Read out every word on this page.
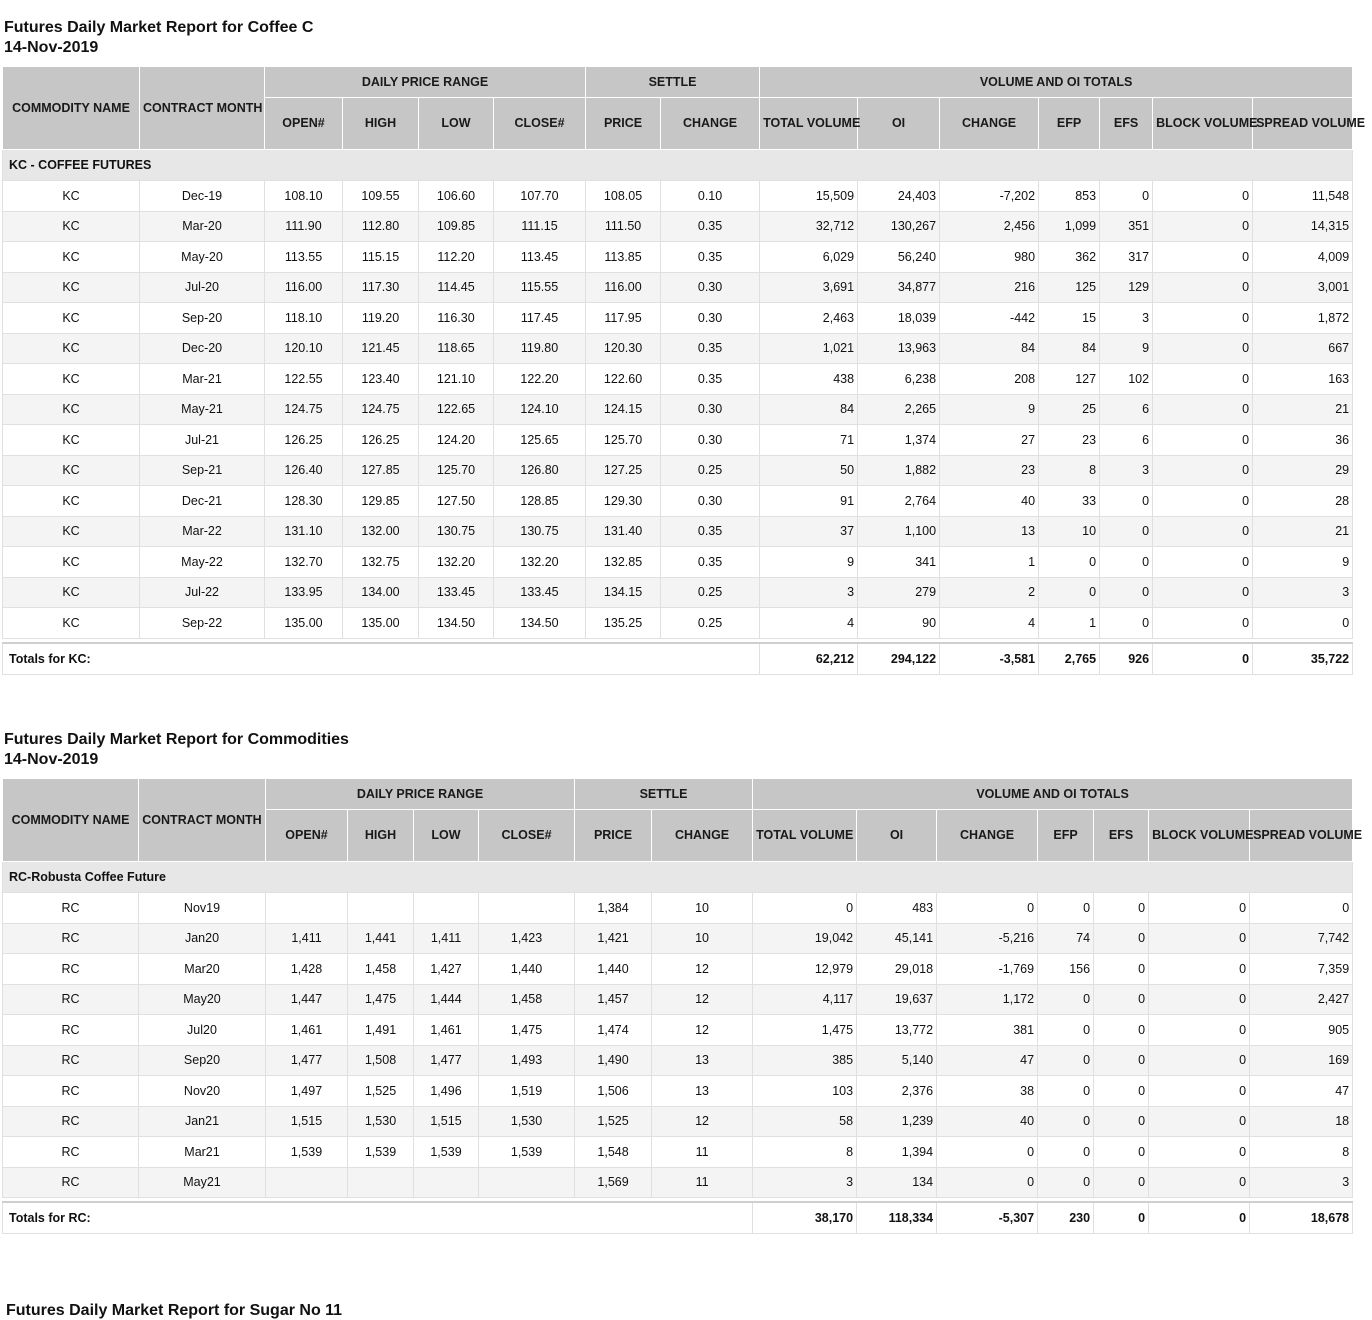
Futures Daily Market Report for Coffee C
14-Nov-2019
COMMODITY NAME	CONTRACT MONTH	DAILY PRICE RANGE				SETTLE		VOLUME AND OI TOTALS						
		OPEN#	HIGH	LOW	CLOSE#	PRICE	CHANGE	TOTAL VOLUME	OI	CHANGE	EFP	EFS	BLOCK VOLUME	SPREAD VOLUME
KC - COFFEE FUTURES														
KC	Dec-19	108.10	109.55	106.60	107.70	108.05	0.10	15,509	24,403	-7,202	853	0	0	11,548
KC	Mar-20	111.90	112.80	109.85	111.15	111.50	0.35	32,712	130,267	2,456	1,099	351	0	14,315
KC	May-20	113.55	115.15	112.20	113.45	113.85	0.35	6,029	56,240	980	362	317	0	4,009
KC	Jul-20	116.00	117.30	114.45	115.55	116.00	0.30	3,691	34,877	216	125	129	0	3,001
KC	Sep-20	118.10	119.20	116.30	117.45	117.95	0.30	2,463	18,039	-442	15	3	0	1,872
KC	Dec-20	120.10	121.45	118.65	119.80	120.30	0.35	1,021	13,963	84	84	9	0	667
KC	Mar-21	122.55	123.40	121.10	122.20	122.60	0.35	438	6,238	208	127	102	0	163
KC	May-21	124.75	124.75	122.65	124.10	124.15	0.30	84	2,265	9	25	6	0	21
KC	Jul-21	126.25	126.25	124.20	125.65	125.70	0.30	71	1,374	27	23	6	0	36
KC	Sep-21	126.40	127.85	125.70	126.80	127.25	0.25	50	1,882	23	8	3	0	29
KC	Dec-21	128.30	129.85	127.50	128.85	129.30	0.30	91	2,764	40	33	0	0	28
KC	Mar-22	131.10	132.00	130.75	130.75	131.40	0.35	37	1,100	13	10	0	0	21
KC	May-22	132.70	132.75	132.20	132.20	132.85	0.35	9	341	1	0	0	0	9
KC	Jul-22	133.95	134.00	133.45	133.45	134.15	0.25	3	279	2	0	0	0	3
KC	Sep-22	135.00	135.00	134.50	134.50	135.25	0.25	4	90	4	1	0	0	0

Totals for KC:								62,212	294,122	-3,581	2,765	926	0	35,722
Futures Daily Market Report for Commodities
14-Nov-2019
COMMODITY NAME	CONTRACT MONTH	DAILY PRICE RANGE				SETTLE		VOLUME AND OI TOTALS						
		OPEN#	HIGH	LOW	CLOSE#	PRICE	CHANGE	TOTAL VOLUME	OI	CHANGE	EFP	EFS	BLOCK VOLUME	SPREAD VOLUME
RC-Robusta Coffee Future														
RC	Nov19					1,384	10	0	483	0	0	0	0	0
RC	Jan20	1,411	1,441	1,411	1,423	1,421	10	19,042	45,141	-5,216	74	0	0	7,742
RC	Mar20	1,428	1,458	1,427	1,440	1,440	12	12,979	29,018	-1,769	156	0	0	7,359
RC	May20	1,447	1,475	1,444	1,458	1,457	12	4,117	19,637	1,172	0	0	0	2,427
RC	Jul20	1,461	1,491	1,461	1,475	1,474	12	1,475	13,772	381	0	0	0	905
RC	Sep20	1,477	1,508	1,477	1,493	1,490	13	385	5,140	47	0	0	0	169
RC	Nov20	1,497	1,525	1,496	1,519	1,506	13	103	2,376	38	0	0	0	47
RC	Jan21	1,515	1,530	1,515	1,530	1,525	12	58	1,239	40	0	0	0	18
RC	Mar21	1,539	1,539	1,539	1,539	1,548	11	8	1,394	0	0	0	0	8
RC	May21					1,569	11	3	134	0	0	0	0	3

Totals for RC:								38,170	118,334	-5,307	230	0	0	18,678
Futures Daily Market Report for Sugar No 11
